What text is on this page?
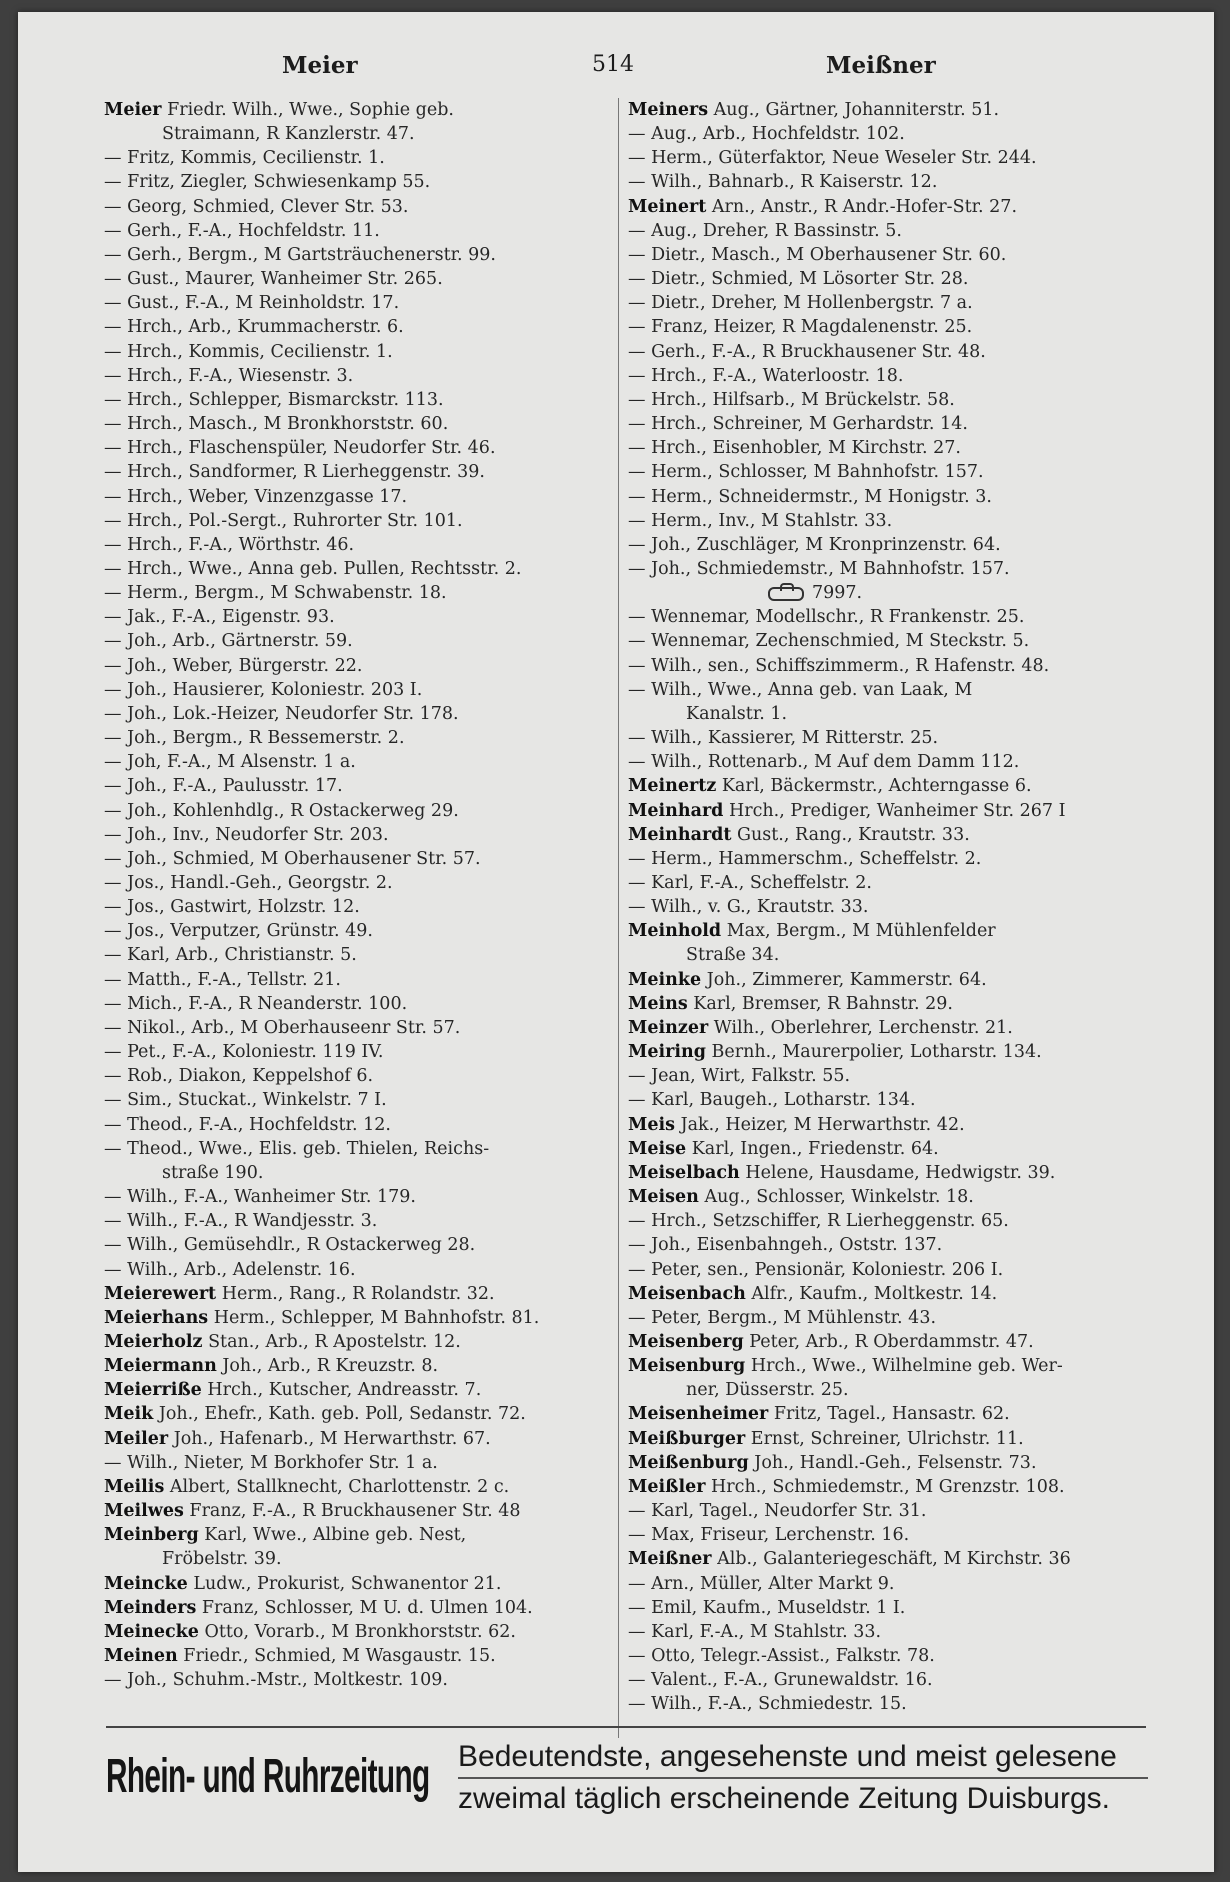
Meier	514	Meißner
Meier Friedr. Wilh., Wwe., Sophie geb.
Straimann, R Kanzlerstr. 47.
— Fritz, Kommis, Cecilienstr. 1.
— Fritz, Ziegler, Schwiesenkamp 55.
— Georg, Schmied, Clever Str. 53.
— Gerh., F.-A., Hochfeldstr. 11.
— Gerh., Bergm., M Gartsträuchenerstr. 99.
— Gust., Maurer, Wanheimer Str. 265.
— Gust., F.-A., M Reinholdstr. 17.
— Hrch., Arb., Krummacherstr. 6.
— Hrch., Kommis, Cecilienstr. 1.
— Hrch., F.-A., Wiesenstr. 3.
— Hrch., Schlepper, Bismarckstr. 113.
— Hrch., Masch., M Bronkhorststr. 60.
— Hrch., Flaschenspüler, Neudorfer Str. 46.
— Hrch., Sandformer, R Lierheggenstr. 39.
— Hrch., Weber, Vinzenzgasse 17.
— Hrch., Pol.-Sergt., Ruhrorter Str. 101.
— Hrch., F.-A., Wörthstr. 46.
— Hrch., Wwe., Anna geb. Pullen, Rechtsstr. 2.
— Herm., Bergm., M Schwabenstr. 18.
— Jak., F.-A., Eigenstr. 93.
— Joh., Arb., Gärtnerstr. 59.
— Joh., Weber, Bürgerstr. 22.
— Joh., Hausierer, Koloniestr. 203 I.
— Joh., Lok.-Heizer, Neudorfer Str. 178.
— Joh., Bergm., R Bessemerstr. 2.
— Joh, F.-A., M Alsenstr. 1 a.
— Joh., F.-A., Paulusstr. 17.
— Joh., Kohlenhdlg., R Ostackerweg 29.
— Joh., Inv., Neudorfer Str. 203.
— Joh., Schmied, M Oberhausener Str. 57.
— Jos., Handl.-Geh., Georgstr. 2.
— Jos., Gastwirt, Holzstr. 12.
— Jos., Verputzer, Grünstr. 49.
— Karl, Arb., Christianstr. 5.
— Matth., F.-A., Tellstr. 21.
— Mich., F.-A., R Neanderstr. 100.
— Nikol., Arb., M Oberhauseenr Str. 57.
— Pet., F.-A., Koloniestr. 119 IV.
— Rob., Diakon, Keppelshof 6.
— Sim., Stuckat., Winkelstr. 7 I.
— Theod., F.-A., Hochfeldstr. 12.
— Theod., Wwe., Elis. geb. Thielen, Reichs-
straße 190.
— Wilh., F.-A., Wanheimer Str. 179.
— Wilh., F.-A., R Wandjesstr. 3.
— Wilh., Gemüsehdlr., R Ostackerweg 28.
— Wilh., Arb., Adelenstr. 16.
Meierewert Herm., Rang., R Rolandstr. 32.
Meierhans Herm., Schlepper, M Bahnhofstr. 81.
Meierholz Stan., Arb., R Apostelstr. 12.
Meiermann Joh., Arb., R Kreuzstr. 8.
Meierriße Hrch., Kutscher, Andreasstr. 7.
Meik Joh., Ehefr., Kath. geb. Poll, Sedanstr. 72.
Meiler Joh., Hafenarb., M Herwarthstr. 67.
— Wilh., Nieter, M Borkhofer Str. 1 a.
Meilis Albert, Stallknecht, Charlottenstr. 2 c.
Meilwes Franz, F.-A., R Bruckhausener Str. 48
Meinberg Karl, Wwe., Albine geb. Nest,
Fröbelstr. 39.
Meincke Ludw., Prokurist, Schwanentor 21.
Meinders Franz, Schlosser, M U. d. Ulmen 104.
Meinecke Otto, Vorarb., M Bronkhorststr. 62.
Meinen Friedr., Schmied, M Wasgaustr. 15.
— Joh., Schuhm.-Mstr., Moltkestr. 109.
Meiners Aug., Gärtner, Johanniterstr. 51.
— Aug., Arb., Hochfeldstr. 102.
— Herm., Güterfaktor, Neue Weseler Str. 244.
— Wilh., Bahnarb., R Kaiserstr. 12.
Meinert Arn., Anstr., R Andr.-Hofer-Str. 27.
— Aug., Dreher, R Bassinstr. 5.
— Dietr., Masch., M Oberhausener Str. 60.
— Dietr., Schmied, M Lösorter Str. 28.
— Dietr., Dreher, M Hollenbergstr. 7 a.
— Franz, Heizer, R Magdalenenstr. 25.
— Gerh., F.-A., R Bruckhausener Str. 48.
— Hrch., F.-A., Waterloostr. 18.
— Hrch., Hilfsarb., M Brückelstr. 58.
— Hrch., Schreiner, M Gerhardstr. 14.
— Hrch., Eisenhobler, M Kirchstr. 27.
— Herm., Schlosser, M Bahnhofstr. 157.
— Herm., Schneidermstr., M Honigstr. 3.
— Herm., Inv., M Stahlstr. 33.
— Joh., Zuschläger, M Kronprinzenstr. 64.
— Joh., Schmiedemstr., M Bahnhofstr. 157.
7997.
— Wennemar, Modellschr., R Frankenstr. 25.
— Wennemar, Zechenschmied, M Steckstr. 5.
— Wilh., sen., Schiffszimmerm., R Hafenstr. 48.
— Wilh., Wwe., Anna geb. van Laak, M
Kanalstr. 1.
— Wilh., Kassierer, M Ritterstr. 25.
— Wilh., Rottenarb., M Auf dem Damm 112.
Meinertz Karl, Bäckermstr., Achterngasse 6.
Meinhard Hrch., Prediger, Wanheimer Str. 267 I
Meinhardt Gust., Rang., Krautstr. 33.
— Herm., Hammerschm., Scheffelstr. 2.
— Karl, F.-A., Scheffelstr. 2.
— Wilh., v. G., Krautstr. 33.
Meinhold Max, Bergm., M Mühlenfelder
Straße 34.
Meinke Joh., Zimmerer, Kammerstr. 64.
Meins Karl, Bremser, R Bahnstr. 29.
Meinzer Wilh., Oberlehrer, Lerchenstr. 21.
Meiring Bernh., Maurerpolier, Lotharstr. 134.
— Jean, Wirt, Falkstr. 55.
— Karl, Baugeh., Lotharstr. 134.
Meis Jak., Heizer, M Herwarthstr. 42.
Meise Karl, Ingen., Friedenstr. 64.
Meiselbach Helene, Hausdame, Hedwigstr. 39.
Meisen Aug., Schlosser, Winkelstr. 18.
— Hrch., Setzschiffer, R Lierheggenstr. 65.
— Joh., Eisenbahngeh., Oststr. 137.
— Peter, sen., Pensionär, Koloniestr. 206 I.
Meisenbach Alfr., Kaufm., Moltkestr. 14.
— Peter, Bergm., M Mühlenstr. 43.
Meisenberg Peter, Arb., R Oberdammstr. 47.
Meisenburg Hrch., Wwe., Wilhelmine geb. Wer-
ner, Düsserstr. 25.
Meisenheimer Fritz, Tagel., Hansastr. 62.
Meißburger Ernst, Schreiner, Ulrichstr. 11.
Meißenburg Joh., Handl.-Geh., Felsenstr. 73.
Meißler Hrch., Schmiedemstr., M Grenzstr. 108.
— Karl, Tagel., Neudorfer Str. 31.
— Max, Friseur, Lerchenstr. 16.
Meißner Alb., Galanteriegeschäft, M Kirchstr. 36
— Arn., Müller, Alter Markt 9.
— Emil, Kaufm., Museldstr. 1 I.
— Karl, F.-A., M Stahlstr. 33.
— Otto, Telegr.-Assist., Falkstr. 78.
— Valent., F.-A., Grunewaldstr. 16.
— Wilh., F.-A., Schmiedestr. 15.
Rhein- und Ruhrzeitung Bedeutendste, angesehenste und meist gelesene
zweimal täglich erscheinende Zeitung Duisburgs.
